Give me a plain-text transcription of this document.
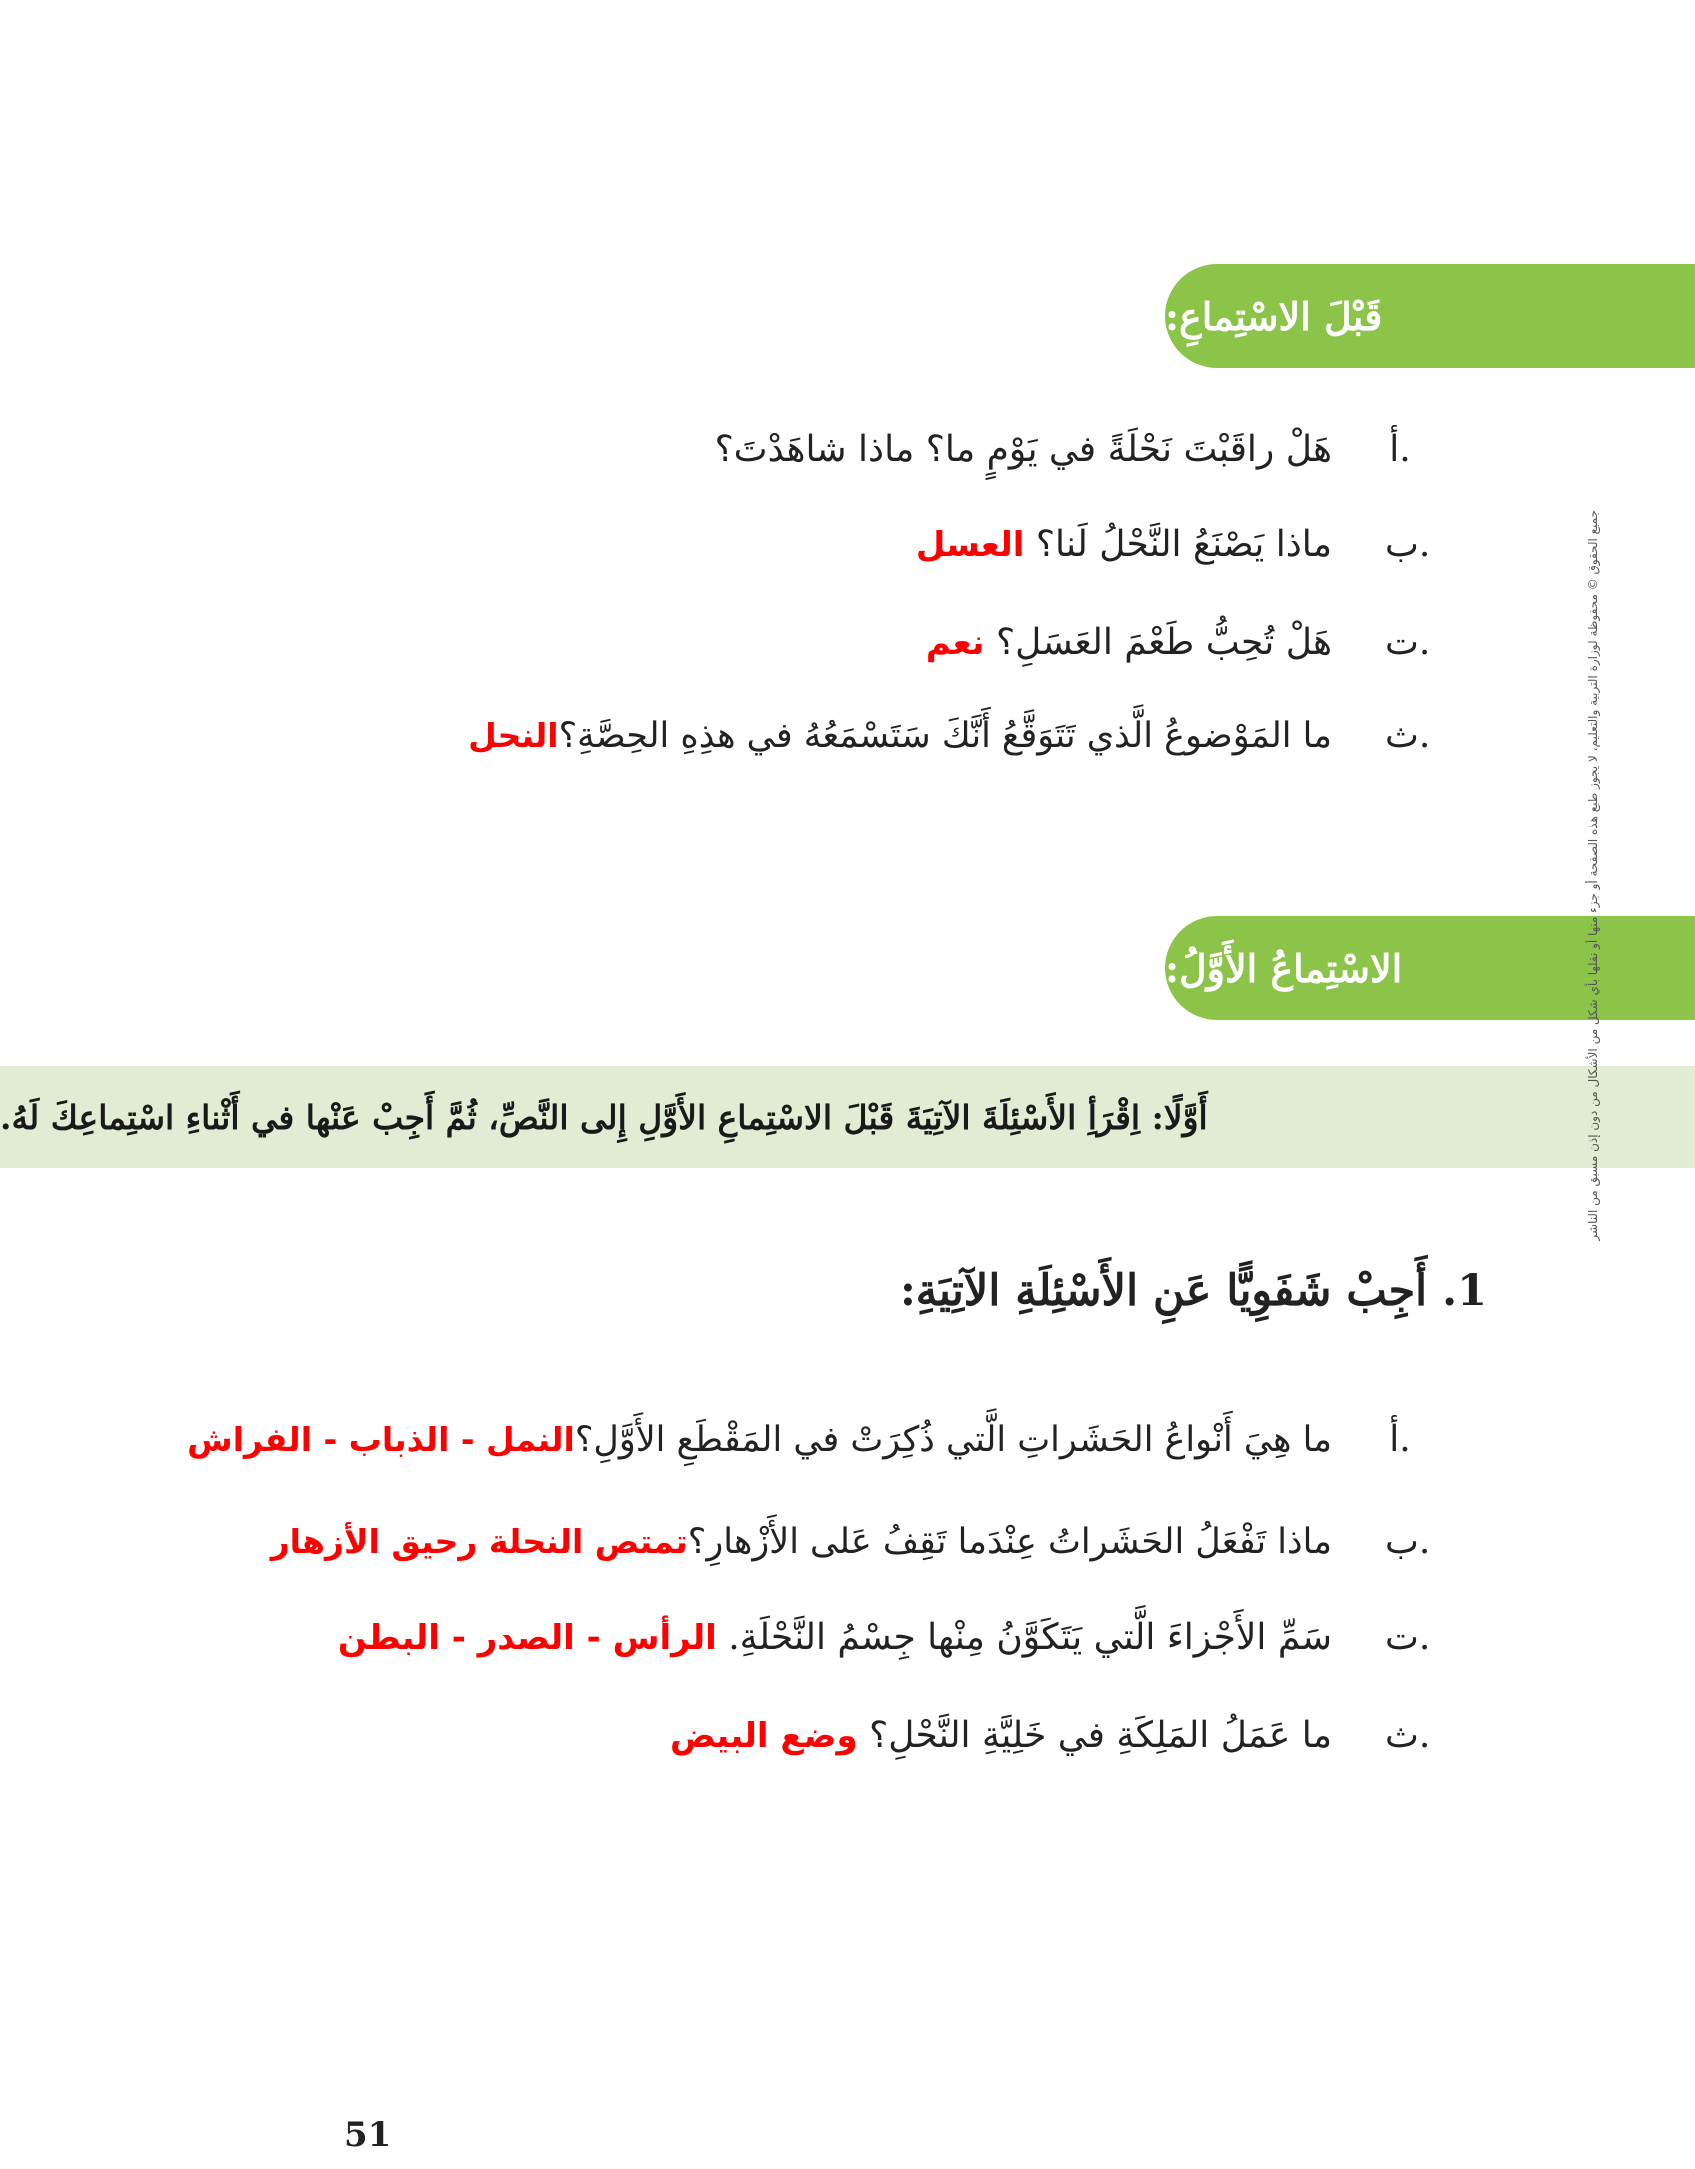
قَبْلَ الاسْتِماعِ:
أ.
هَلْ راقَبْتَ نَحْلَةً في يَوْمٍ ما؟ ماذا شاهَدْتَ؟
ب.
ماذا يَصْنَعُ النَّحْلُ لَنا؟ العسل
ت.
هَلْ تُحِبُّ طَعْمَ العَسَلِ؟ نعم
ث.
ما المَوْضوعُ الَّذي تَتَوَقَّعُ أَنَّكَ سَتَسْمَعُهُ في هذِهِ الحِصَّةِ؟النحل
الاسْتِماعُ الأَوَّلُ:
أَوَّلًا: اِقْرَأِ الأَسْئِلَةَ الآتِيَةَ قَبْلَ الاسْتِماعِ الأَوَّلِ إِلى النَّصِّ، ثُمَّ أَجِبْ عَنْها في أَثْناءِ اسْتِماعِكَ لَهُ.
1. أَجِبْ شَفَوِيًّا عَنِ الأَسْئِلَةِ الآتِيَةِ:
أ.
ما هِيَ أَنْواعُ الحَشَراتِ الَّتي ذُكِرَتْ في المَقْطَعِ الأَوَّلِ؟النمل - الذباب - الفراش
ب.
ماذا تَفْعَلُ الحَشَراتُ عِنْدَما تَقِفُ عَلى الأَزْهارِ؟تمتص النحلة رحيق الأزهار
ت.
سَمِّ الأَجْزاءَ الَّتي يَتَكَوَّنُ مِنْها جِسْمُ النَّحْلَةِ. الرأس - الصدر - البطن
ث.
ما عَمَلُ المَلِكَةِ في خَلِيَّةِ النَّحْلِ؟ وضع البيض
جميع الحقوق © محفوظة لوزارة التربية والتعليم، لا يجوز طبع هذه الصفحة أو جزء منها أو نقلها بأي شكل من الأشكال من دون إذن مسبق من الناشر
51
